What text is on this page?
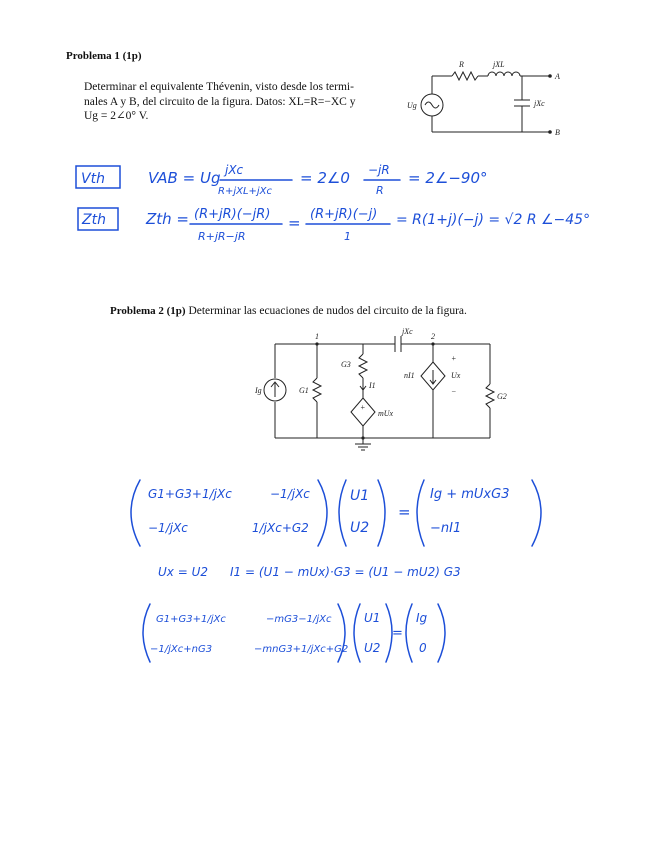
Problema 1 (1p)
Determinar el equivalente Thévenin, visto desde los termi-
nales A y B, del circuito de la figura. Datos: XL=R=−XC y
Ug = 2∠0° V.
R	jXL
A
B
Ug	jXc
Vth	VAB = Ug jXc
R+jXL+jXc
= 2∠0 −jR
R
= 2∠−90°
Zth	Zth = (R+jR)(−jR)
R+jR−jR
= (R+jR)(−j)
1
= R(1+j)(−j) = √2 R ∠−45°
Problema 2 (1p) Determinar las ecuaciones de nudos del circuito de la figura.
1	2
jXc
G3
I1
Ig	G1
nI1	Ux
+
−
+
mUx
G2
G1+G3+1/jXc	−1/jXc
−1/jXc	1/jXc+G2
U1
U2
=
Ig + mUxG3
−nI1
Ux = U2 I1 = (U1 − mUx)·G3 = (U1 − mU2) G3
G1+G3+1/jXc	−mG3−1/jXc
−1/jXc+nG3	−mnG3+1/jXc+G2
U1
U2
=
Ig
0
